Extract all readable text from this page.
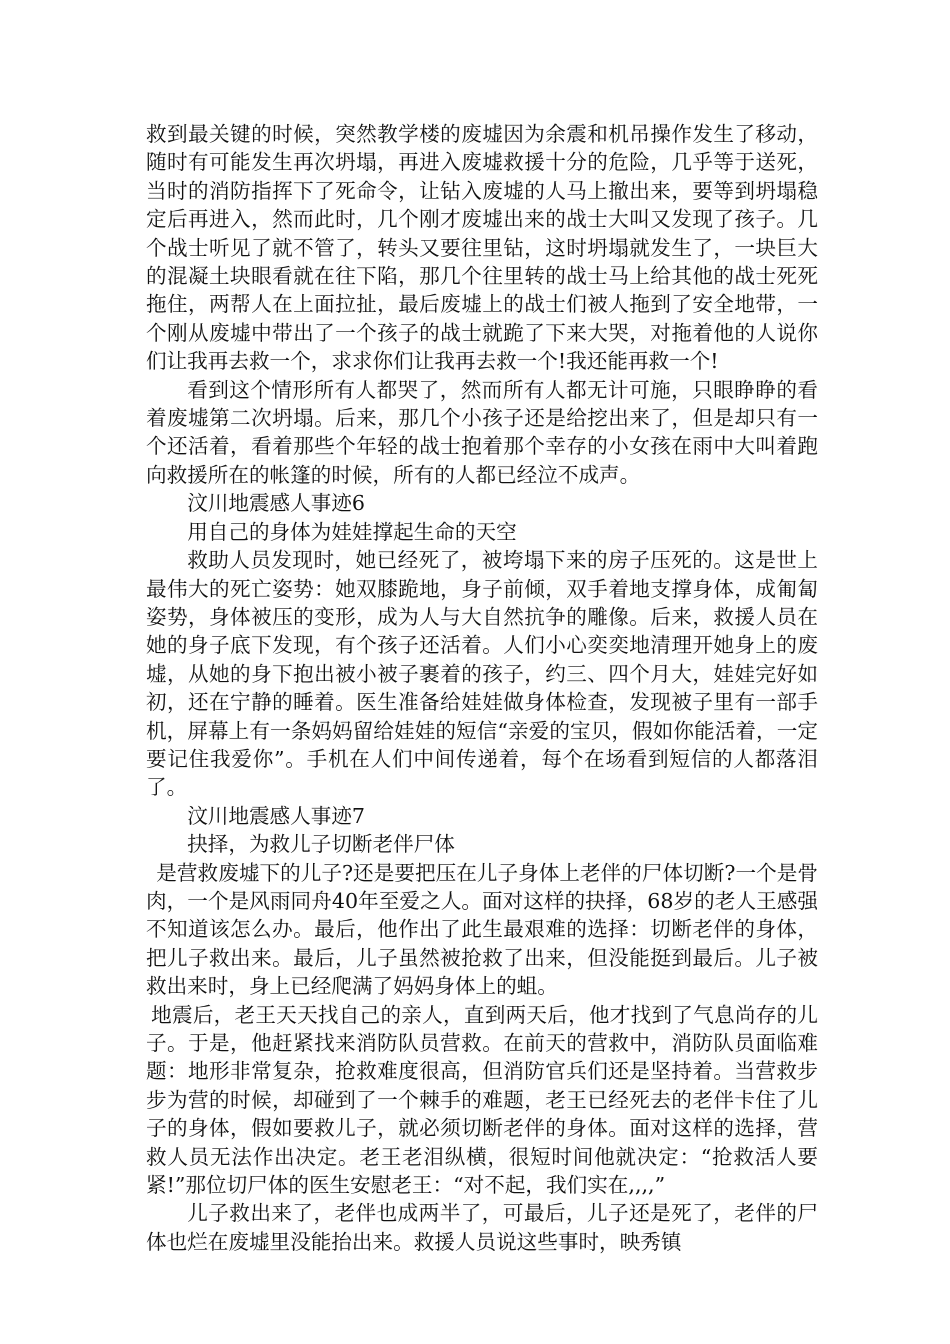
救到最关键的时候，突然教学楼的废墟因为余震和机吊操作发生了移动，随时有可能发生再次坍塌，再进入废墟救援十分的危险，几乎等于送死，当时的消防指挥下了死命令，让钻入废墟的人马上撤出来，要等到坍塌稳定后再进入，然而此时，几个刚才废墟出来的战士大叫又发现了孩子。几个战士听见了就不管了，转头又要往里钻，这时坍塌就发生了，一块巨大的混凝土块眼看就在往下陷，那几个往里转的战士马上给其他的战士死死拖住，两帮人在上面拉扯，最后废墟上的战士们被人拖到了安全地带，一个刚从废墟中带出了一个孩子的战士就跪了下来大哭，对拖着他的人说你们让我再去救一个，求求你们让我再去救一个!我还能再救一个!

看到这个情形所有人都哭了，然而所有人都无计可施，只眼睁睁的看着废墟第二次坍塌。后来，那几个小孩子还是给挖出来了，但是却只有一个还活着，看着那些个年轻的战士抱着那个幸存的小女孩在雨中大叫着跑向救援所在的帐篷的时候，所有的人都已经泣不成声。

汶川地震感人事迹6

用自己的身体为娃娃撑起生命的天空

救助人员发现时，她已经死了，被垮塌下来的房子压死的。这是世上最伟大的死亡姿势：她双膝跪地，身子前倾，双手着地支撑身体，成匍匐姿势，身体被压的变形，成为人与大自然抗争的雕像。后来，救援人员在她的身子底下发现，有个孩子还活着。人们小心奕奕地清理开她身上的废墟，从她的身下抱出被小被子裹着的孩子，约三、四个月大，娃娃完好如初，还在宁静的睡着。医生准备给娃娃做身体检查，发现被子里有一部手机，屏幕上有一条妈妈留给娃娃的短信“亲爱的宝贝，假如你能活着，一定要记住我爱你”。手机在人们中间传递着，每个在场看到短信的人都落泪了。

汶川地震感人事迹7

抉择，为救儿子切断老伴尸体

是营救废墟下的儿子?还是要把压在儿子身体上老伴的尸体切断?一个是骨肉，一个是风雨同舟40年至爱之人。面对这样的抉择，68岁的老人王感强不知道该怎么办。最后，他作出了此生最艰难的选择：切断老伴的身体，把儿子救出来。最后，儿子虽然被抢救了出来，但没能挺到最后。儿子被救出来时，身上已经爬满了妈妈身体上的蛆。

地震后，老王天天找自己的亲人，直到两天后，他才找到了气息尚存的儿子。于是，他赶紧找来消防队员营救。在前天的营救中，消防队员面临难题：地形非常复杂，抢救难度很高，但消防官兵们还是坚持着。当营救步步为营的时候，却碰到了一个棘手的难题，老王已经死去的老伴卡住了儿子的身体，假如要救儿子，就必须切断老伴的身体。面对这样的选择，营救人员无法作出决定。老王老泪纵横，很短时间他就决定：“抢救活人要紧!”那位切尸体的医生安慰老王：“对不起，我们实在,,,,”

儿子救出来了，老伴也成两半了，可最后，儿子还是死了，老伴的尸体也烂在废墟里没能抬出来。救援人员说这些事时，映秀镇
